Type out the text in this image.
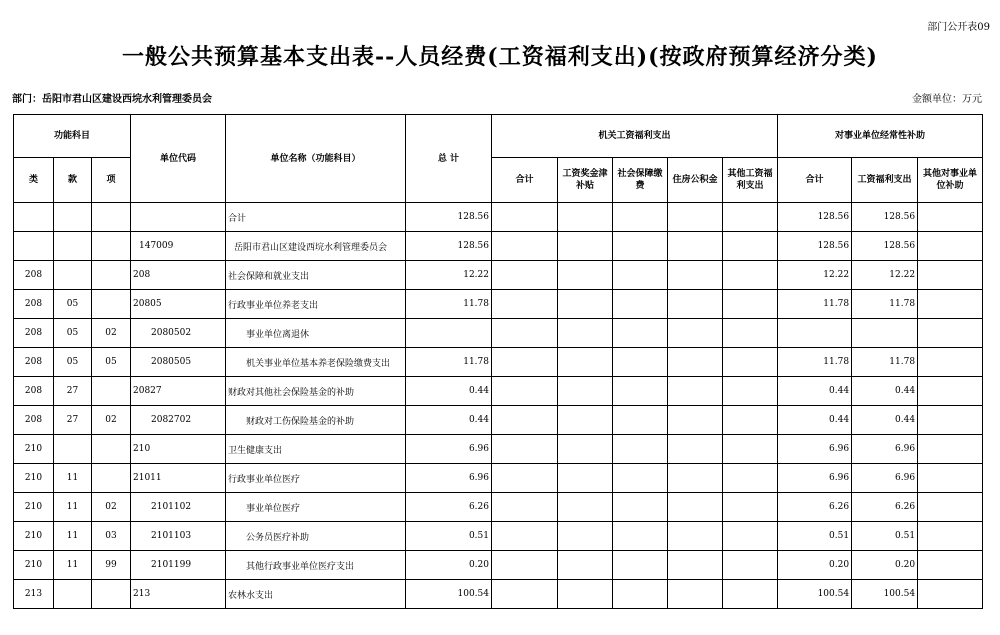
部门公开表09
一般公共预算基本支出表--人员经费(工资福利支出)(按政府预算经济分类)
部门：岳阳市君山区建设西垸水利管理委员会	金额单位：万元
功能科目			单位代码	单位名称（功能科目）	总 计	机关工资福利支出					对事业单位经常性补助		
类	款	项				合计	工资奖金津补贴	社会保障缴费	住房公积金	其他工资福利支出	合计	工资福利支出	其他对事业单位补助
				合计	128.56						128.56	128.56	
			147009	岳阳市君山区建设西垸水利管理委员会	128.56						128.56	128.56	
208			208	社会保障和就业支出	12.22						12.22	12.22	
208	05		20805	行政事业单位养老支出	11.78						11.78	11.78	
208	05	02	2080502	事业单位离退休									
208	05	05	2080505	机关事业单位基本养老保险缴费支出	11.78						11.78	11.78	
208	27		20827	财政对其他社会保险基金的补助	0.44						0.44	0.44	
208	27	02	2082702	财政对工伤保险基金的补助	0.44						0.44	0.44	
210			210	卫生健康支出	6.96						6.96	6.96	
210	11		21011	行政事业单位医疗	6.96						6.96	6.96	
210	11	02	2101102	事业单位医疗	6.26						6.26	6.26	
210	11	03	2101103	公务员医疗补助	0.51						0.51	0.51	
210	11	99	2101199	其他行政事业单位医疗支出	0.20						0.20	0.20	
213			213	农林水支出	100.54						100.54	100.54	
